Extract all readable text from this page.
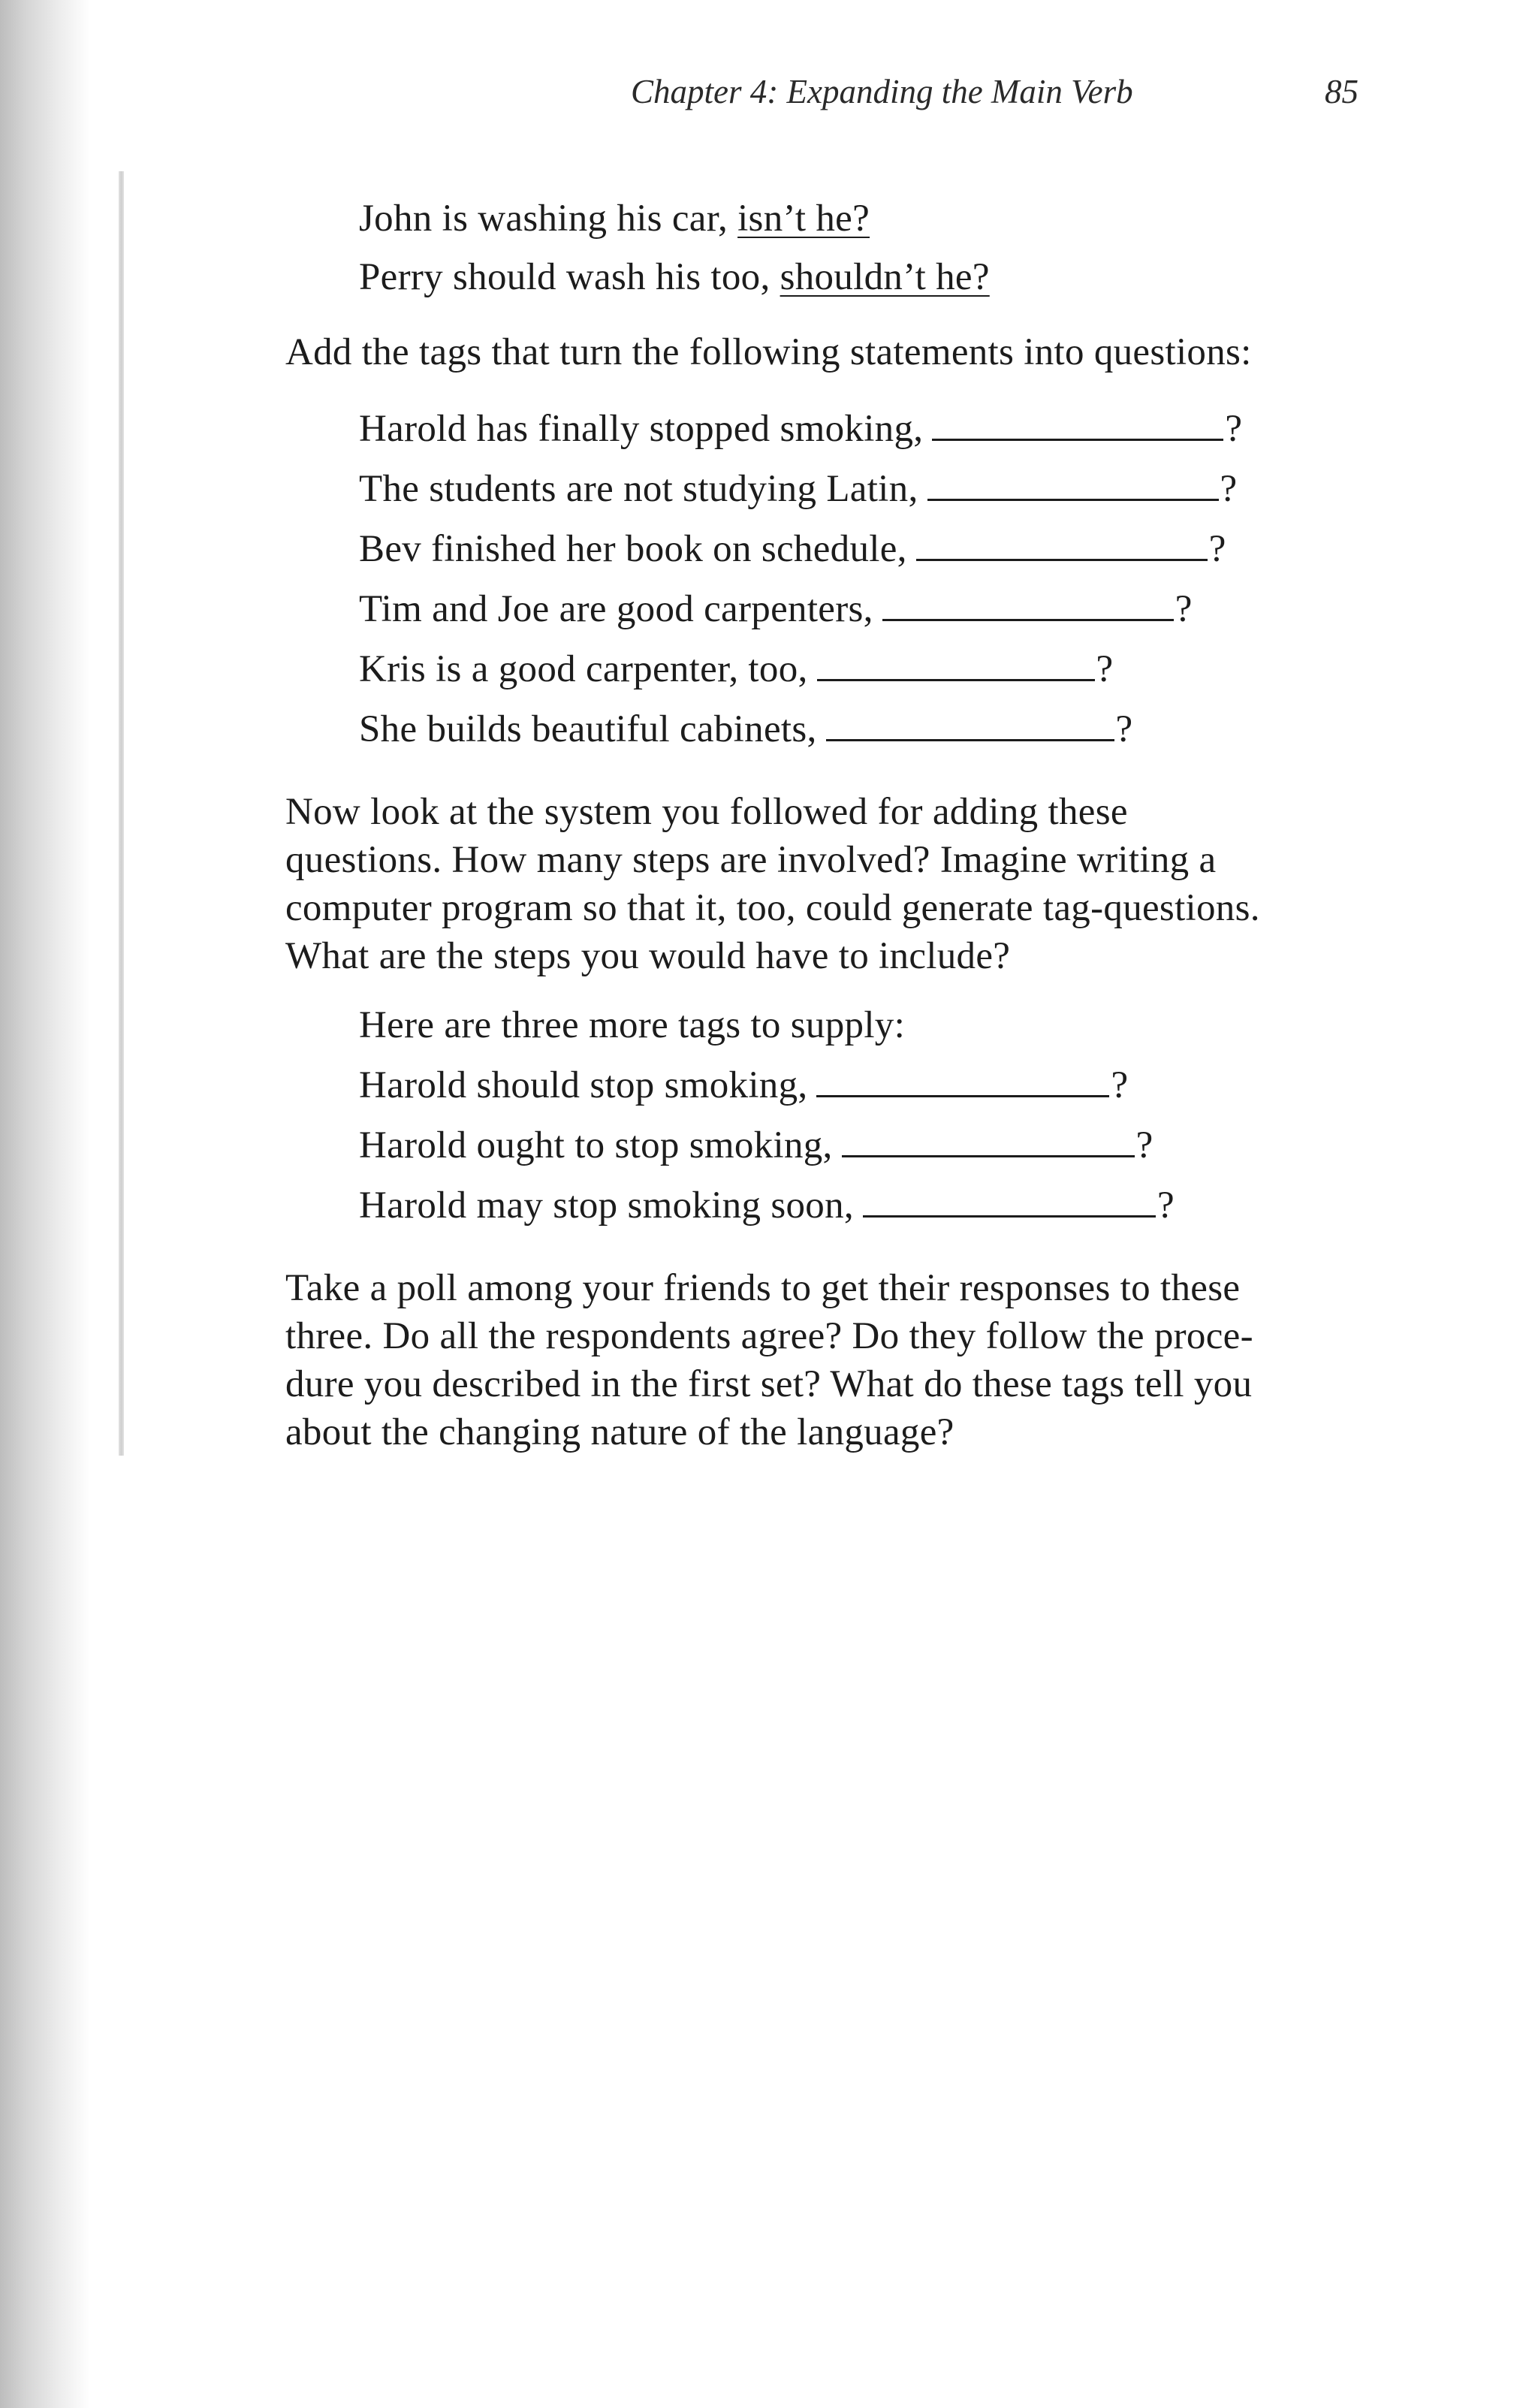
Chapter 4: Expanding the Main Verb	85
John is washing his car, isn’t he?
Perry should wash his too, shouldn’t he?
Add the tags that turn the following statements into questions:
Harold has finally stopped smoking,	?
The students are not studying Latin,	?
Bev finished her book on schedule,	?
Tim and Joe are good carpenters,	?
Kris is a good carpenter, too,	?
She builds beautiful cabinets,	?
Now look at the system you followed for adding these
questions. How many steps are involved? Imagine writing a
computer program so that it, too, could generate tag-questions.
What are the steps you would have to include?
Here are three more tags to supply:
Harold should stop smoking,	?
Harold ought to stop smoking,	?
Harold may stop smoking soon,	?
Take a poll among your friends to get their responses to these
three. Do all the respondents agree? Do they follow the proce-
dure you described in the first set? What do these tags tell you
about the changing nature of the language?
